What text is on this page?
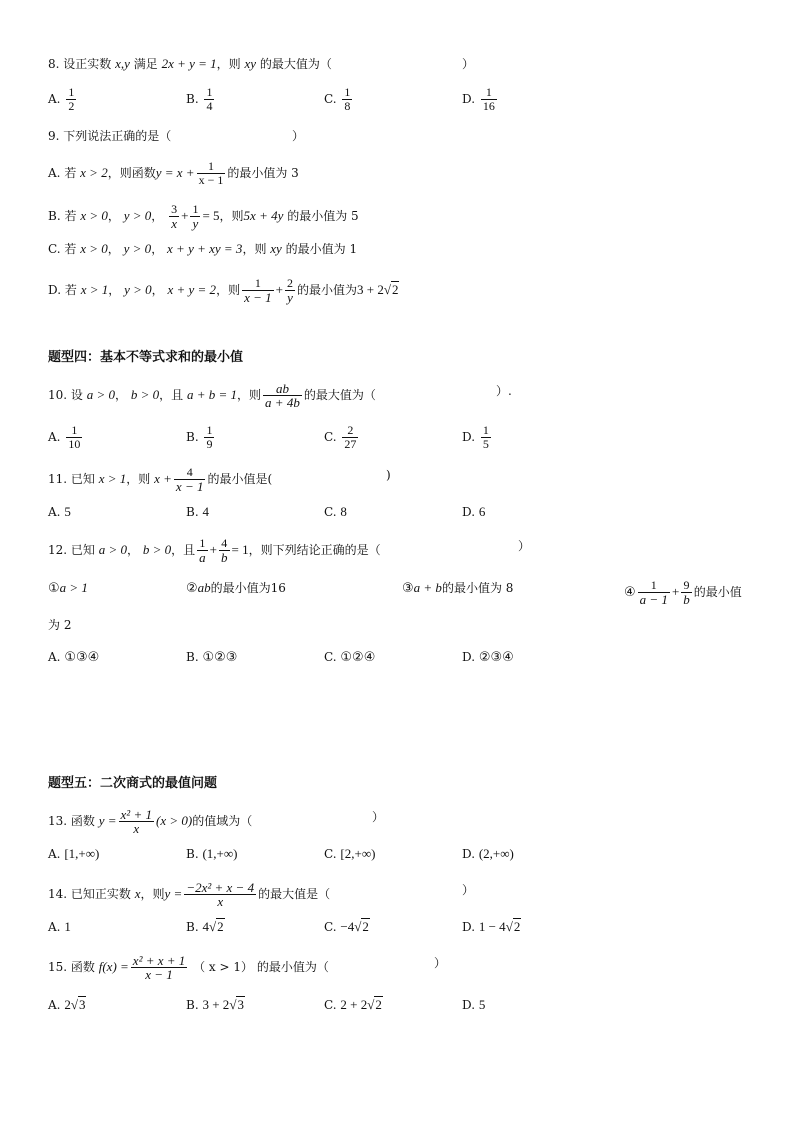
8. 设正实数 x,y 满足 2x + y = 1，则 xy 的最大值为（	）
A. $\frac{1}{2}$	B. $\frac{1}{4}$	C. $\frac{1}{8}$	D. $\frac{1}{16}$
9. 下列说法正确的是（	）
A. 若 x > 2，则函数$y = x + \frac{1}{x - 1}$ 的最小值为 3
B. 若 x > 0， y > 0， $\frac{3}{x} + \frac{1}{y} = 5$，则5x + 4y 的最小值为 5
C. 若 x > 0， y > 0， x + y + xy = 3，则 xy 的最小值为 1
D. 若 x > 1， y > 0， x + y = 2，则 $\frac{1}{x - 1} + \frac{2}{y}$ 的最小值为3 + 2√2
题型四：基本不等式求和的最小值
10. 设 a > 0， b > 0，且 a + b = 1，则 $\frac{ab}{a + 4b}$ 的最大值为（	）.
A. $\frac{1}{10}$	B. $\frac{1}{9}$	C. $\frac{2}{27}$	D. $\frac{1}{5}$
11. 已知 x > 1，则 $x + \frac{4}{x - 1}$ 的最小值是(	)
A. 5	B. 4	C. 8	D. 6
12. 已知 a > 0， b > 0，且 $\frac{1}{a} + \frac{4}{b} = 1$，则下列结论正确的是（	）
①a > 1	②ab的最小值为16	③a + b的最小值为 8	④ $\frac{1}{a - 1} + \frac{9}{b}$ 的最小值
为 2
A. ①③④	B. ①②③	C. ①②④	D. ②③④
题型五：二次商式的最值问题
13. 函数 $y = \frac{\text{x² + 1}}{x} (x > 0)$的值域为（	）
A. [1,+∞)	B. (1,+∞)	C. [2,+∞)	D. (2,+∞)
14. 已知正实数 x，则$y = \frac{\text{−2x² + x − 4}}{x}$ 的最大值是（	）
A. 1	B. 4√2	C. −4√2	D. 1 − 4√2
15. 函数 $f(x) = \frac{\text{x² + x + 1}}{x - 1}$ （ x > 1） 的最小值为（	）
A. 2√3	B. 3 + 2√3	C. 2 + 2√2	D. 5
